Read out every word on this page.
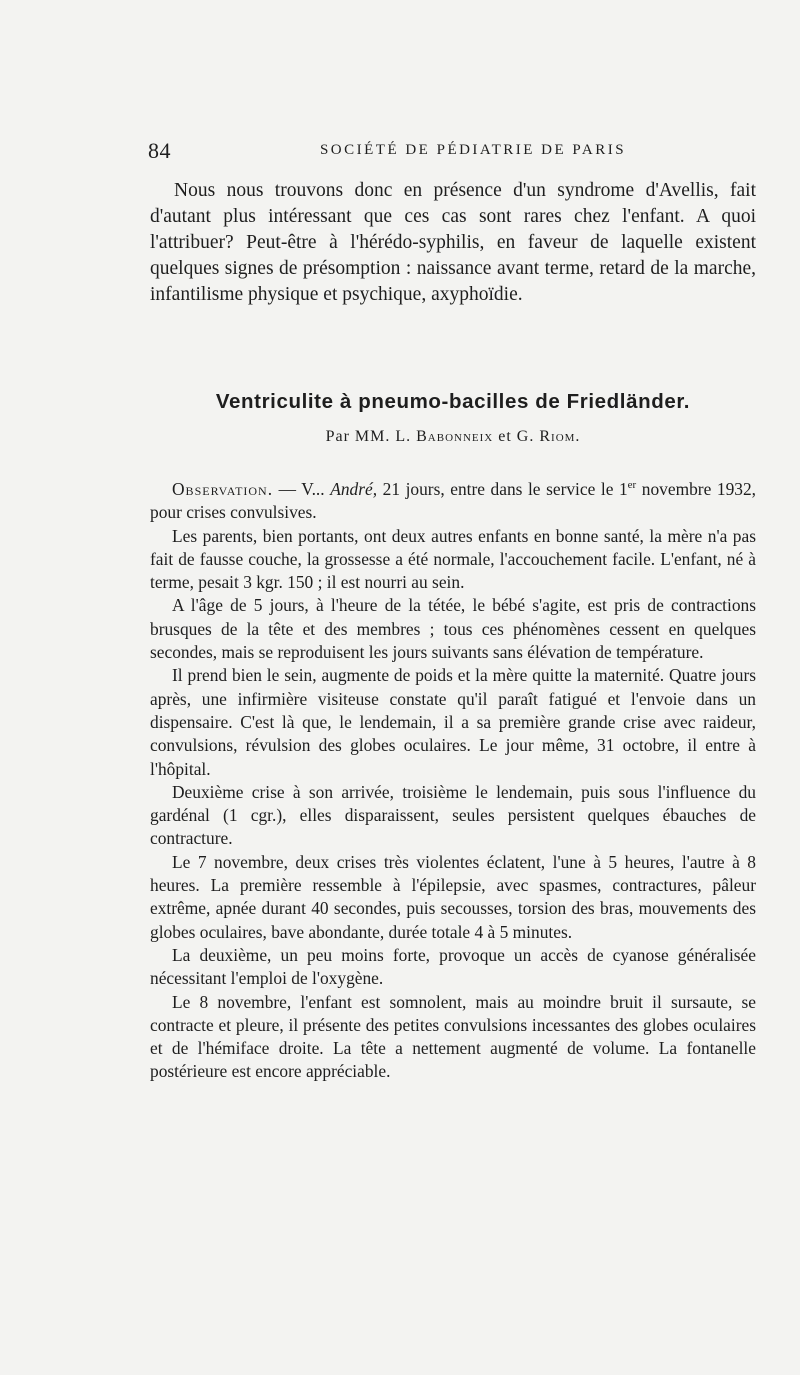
84	SOCIÉTÉ DE PÉDIATRIE DE PARIS

Nous nous trouvons donc en présence d'un syndrome d'Avellis, fait d'autant plus intéressant que ces cas sont rares chez l'enfant. A quoi l'attribuer? Peut-être à l'hérédo-syphilis, en faveur de laquelle existent quelques signes de présomption : naissance avant terme, retard de la marche, infantilisme physique et psychique, axyphoïdie.

Ventriculite à pneumo-bacilles de Friedländer.
Par MM. L. Babonneix et G. Riom.

Observation. — V... André, 21 jours, entre dans le service le 1er novembre 1932, pour crises convulsives.

Les parents, bien portants, ont deux autres enfants en bonne santé, la mère n'a pas fait de fausse couche, la grossesse a été normale, l'accouchement facile. L'enfant, né à terme, pesait 3 kgr. 150 ; il est nourri au sein.

A l'âge de 5 jours, à l'heure de la tétée, le bébé s'agite, est pris de contractions brusques de la tête et des membres ; tous ces phénomènes cessent en quelques secondes, mais se reproduisent les jours suivants sans élévation de température.

Il prend bien le sein, augmente de poids et la mère quitte la maternité. Quatre jours après, une infirmière visiteuse constate qu'il paraît fatigué et l'envoie dans un dispensaire. C'est là que, le lendemain, il a sa première grande crise avec raideur, convulsions, révulsion des globes oculaires. Le jour même, 31 octobre, il entre à l'hôpital.

Deuxième crise à son arrivée, troisième le lendemain, puis sous l'influence du gardénal (1 cgr.), elles disparaissent, seules persistent quelques ébauches de contracture.

Le 7 novembre, deux crises très violentes éclatent, l'une à 5 heures, l'autre à 8 heures. La première ressemble à l'épilepsie, avec spasmes, contractures, pâleur extrême, apnée durant 40 secondes, puis secousses, torsion des bras, mouvements des globes oculaires, bave abondante, durée totale 4 à 5 minutes.

La deuxième, un peu moins forte, provoque un accès de cyanose généralisée nécessitant l'emploi de l'oxygène.

Le 8 novembre, l'enfant est somnolent, mais au moindre bruit il sursaute, se contracte et pleure, il présente des petites convulsions incessantes des globes oculaires et de l'hémiface droite. La tête a nettement augmenté de volume. La fontanelle postérieure est encore appréciable.
